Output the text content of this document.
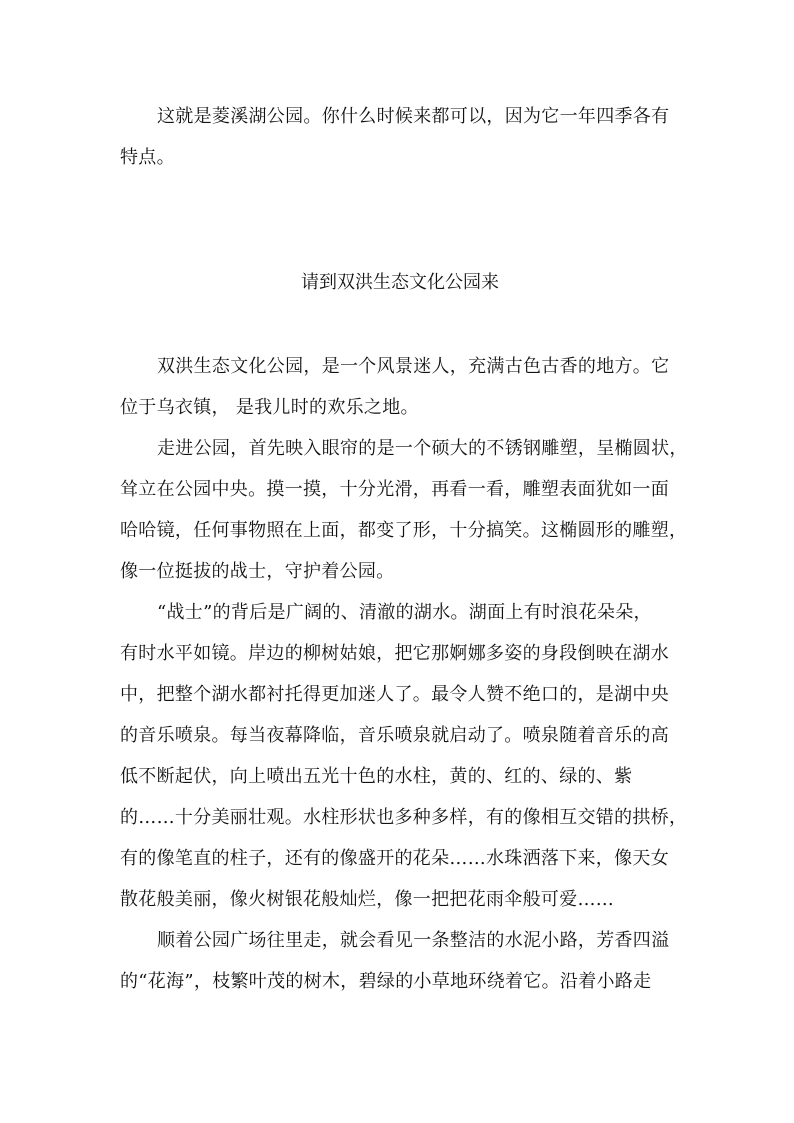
这就是菱溪湖公园。你什么时候来都可以，因为它一年四季各有
特点。
请到双洪生态文化公园来
双洪生态文化公园，是一个风景迷人，充满古色古香的地方。它
位于乌衣镇， 是我儿时的欢乐之地。
走进公园，首先映入眼帘的是一个硕大的不锈钢雕塑，呈椭圆状，
耸立在公园中央。摸一摸，十分光滑，再看一看，雕塑表面犹如一面
哈哈镜，任何事物照在上面，都变了形，十分搞笑。这椭圆形的雕塑，
像一位挺拔的战士，守护着公园。
“战士”的背后是广阔的、清澈的湖水。湖面上有时浪花朵朵，
有时水平如镜。岸边的柳树姑娘，把它那婀娜多姿的身段倒映在湖水
中，把整个湖水都衬托得更加迷人了。最令人赞不绝口的，是湖中央
的音乐喷泉。每当夜幕降临，音乐喷泉就启动了。喷泉随着音乐的高
低不断起伏，向上喷出五光十色的水柱，黄的、红的、绿的、紫
的……十分美丽壮观。水柱形状也多种多样，有的像相互交错的拱桥，
有的像笔直的柱子，还有的像盛开的花朵……水珠洒落下来，像天女
散花般美丽，像火树银花般灿烂，像一把把花雨伞般可爱……
顺着公园广场往里走，就会看见一条整洁的水泥小路，芳香四溢
的“花海”，枝繁叶茂的树木，碧绿的小草地环绕着它。沿着小路走
